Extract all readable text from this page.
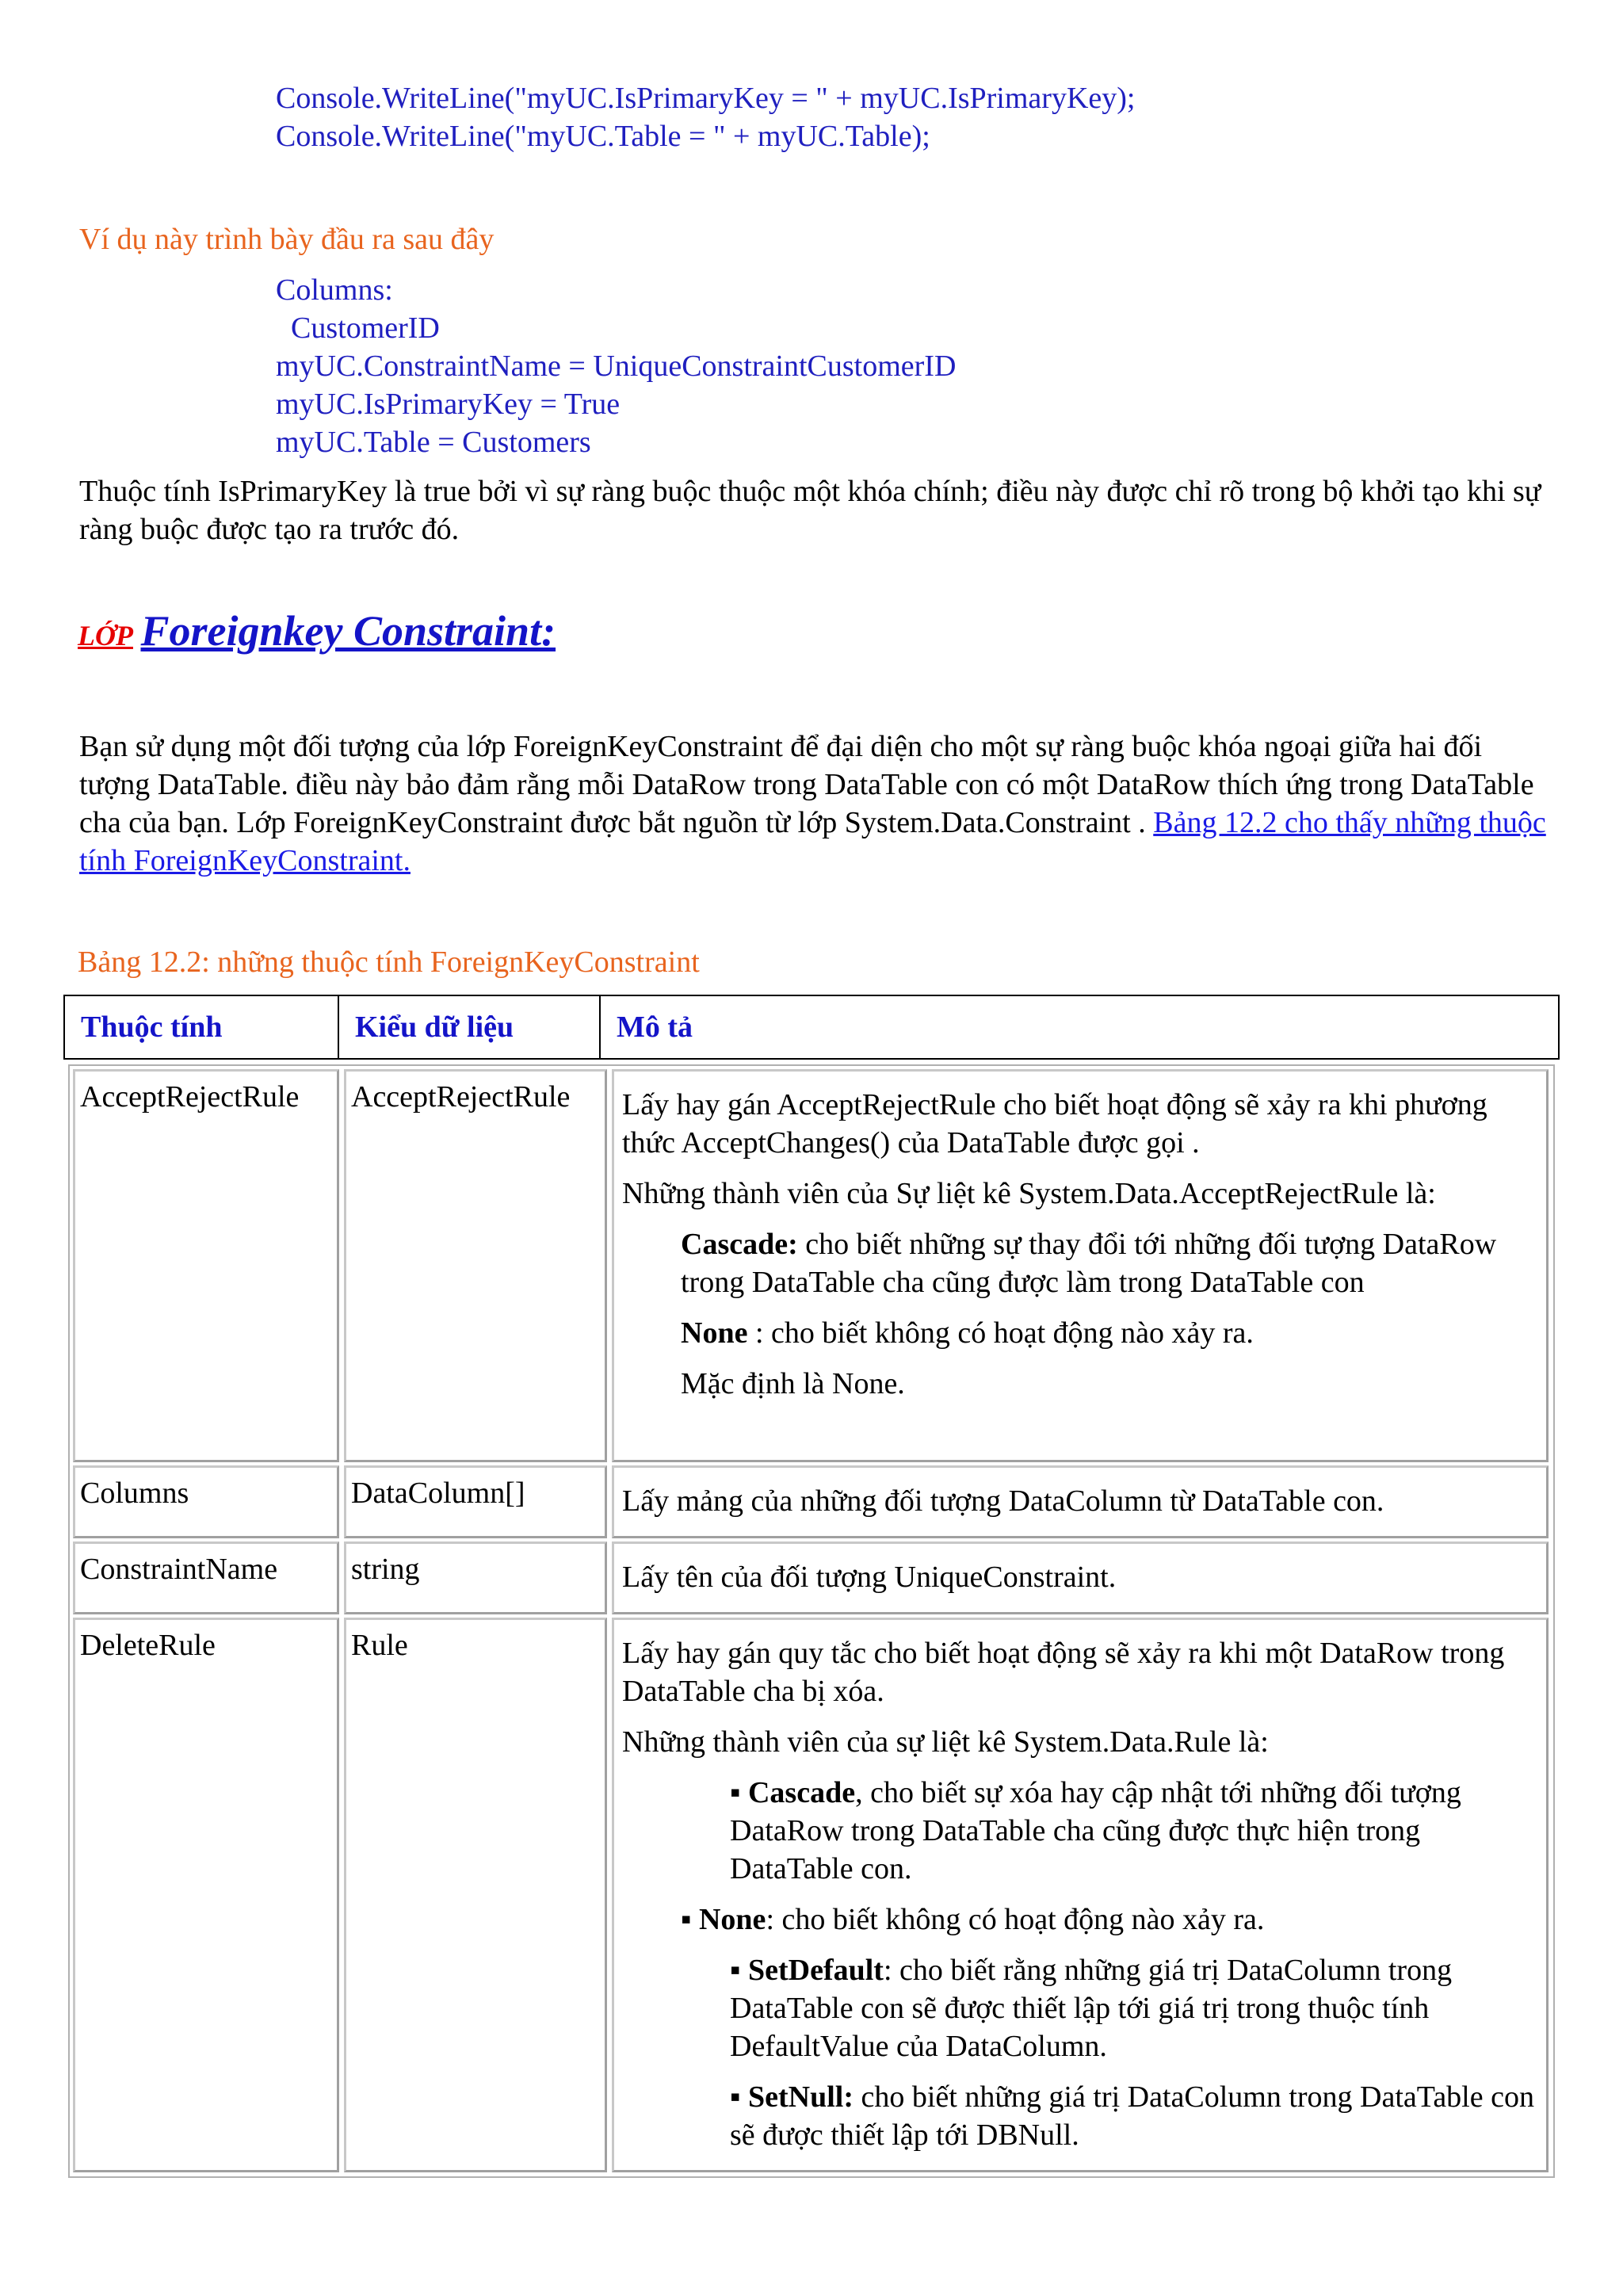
Console.WriteLine("myUC.IsPrimaryKey = " + myUC.IsPrimaryKey);
Console.WriteLine("myUC.Table = " + myUC.Table);
Ví dụ này trình bày đầu ra sau đây
Columns:
CustomerID
myUC.ConstraintName = UniqueConstraintCustomerID
myUC.IsPrimaryKey = True
myUC.Table = Customers
Thuộc tính IsPrimaryKey là true bởi vì sự ràng buộc thuộc một khóa chính; điều này được chỉ rõ trong bộ khởi tạo khi sự ràng buộc được tạo ra trước đó.
LỚP Foreignkey Constraint:
Bạn sử dụng một đối tượng của lớp ForeignKeyConstraint để đại diện cho một sự ràng buộc khóa ngoại giữa hai đối tượng DataTable. điều này bảo đảm rằng mỗi DataRow trong DataTable con có một DataRow thích ứng trong DataTable cha của bạn. Lớp ForeignKeyConstraint được bắt nguồn từ lớp System.Data.Constraint . Bảng 12.2 cho thấy những thuộc tính ForeignKeyConstraint.
Bảng 12.2: những thuộc tính ForeignKeyConstraint
Thuộc tính	Kiểu dữ liệu	Mô tả
AcceptRejectRule	AcceptRejectRule	Lấy hay gán AcceptRejectRule cho biết hoạt động sẽ xảy ra khi phương thức AcceptChanges() của DataTable được gọi .

Những thành viên của Sự liệt kê System.Data.AcceptRejectRule là:

Cascade: cho biết những sự thay đổi tới những đối tượng DataRow trong DataTable cha cũng được làm trong DataTable con

None : cho biết không có hoạt động nào xảy ra.

Mặc định là None.

Columns	DataColumn[]	Lấy mảng của những đối tượng DataColumn từ DataTable con.
ConstraintName	string	Lấy tên của đối tượng UniqueConstraint.
DeleteRule	Rule	Lấy hay gán quy tắc cho biết hoạt động sẽ xảy ra khi một DataRow trong DataTable cha bị xóa.

Những thành viên của sự liệt kê System.Data.Rule là:

▪ Cascade, cho biết sự xóa hay cập nhật tới những đối tượng DataRow trong DataTable cha cũng được thực hiện trong DataTable con.

▪ None: cho biết không có hoạt động nào xảy ra.

▪ SetDefault: cho biết rằng những giá trị DataColumn trong DataTable con sẽ được thiết lập tới giá trị trong thuộc tính DefaultValue của DataColumn.

▪ SetNull: cho biết những giá trị DataColumn trong DataTable con sẽ được thiết lập tới DBNull.
